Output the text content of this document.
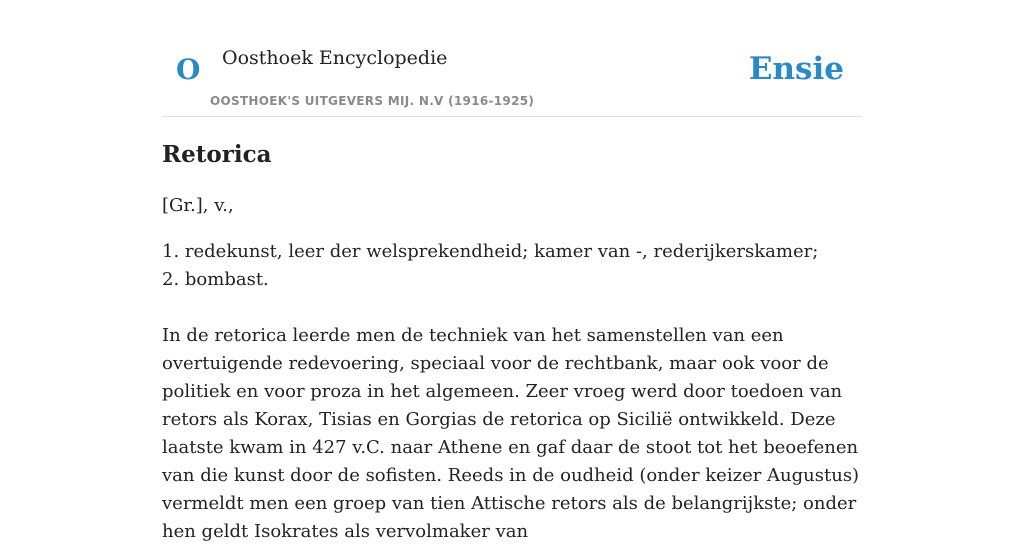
O Oosthoek Encyclopedie
OOSTHOEK'S UITGEVERS MIJ. N.V (1916-1925)
Ensie
Retorica
[Gr.], v.,
1. redekunst, leer der welsprekendheid; kamer van -, rederijkerskamer;
2. bombast.
In de retorica leerde men de techniek van het samenstellen van een overtuigende redevoering, speciaal voor de rechtbank, maar ook voor de politiek en voor proza in het algemeen. Zeer vroeg werd door toedoen van retors als Korax, Tisias en Gorgias de retorica op Sicilië ontwikkeld. Deze laatste kwam in 427 v.C. naar Athene en gaf daar de stoot tot het beoefenen van die kunst door de sofisten. Reeds in de oudheid (onder keizer Augustus) vermeldt men een groep van tien Attische retors als de belangrijkste; onder hen geldt Isokrates als vervolmaker van
